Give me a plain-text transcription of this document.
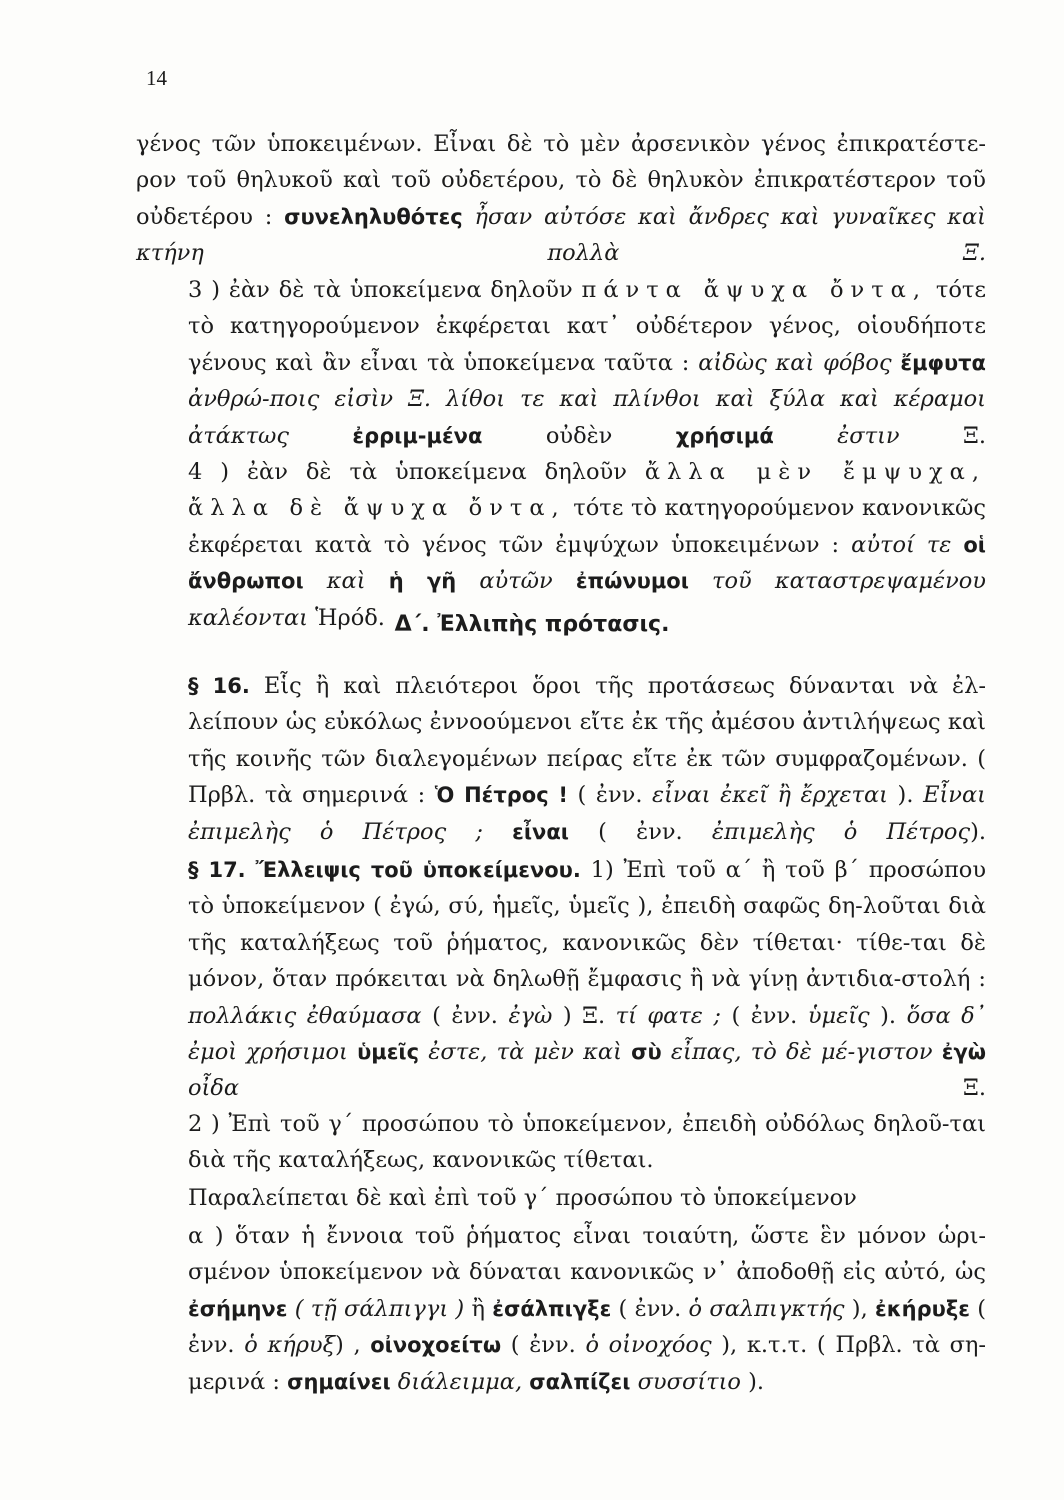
14

γένος τῶν ὑποκειμένων. Εἶναι δὲ τὸ μὲν ἀρσενικὸν γένος ἐπικρατέστε-ρον τοῦ θηλυκοῦ καὶ τοῦ οὐδετέρου, τὸ δὲ θηλυκὸν ἐπικρατέστερον τοῦ οὐδετέρου : συνεληλυθότες ἦσαν αὐτόσε καὶ ἄνδρες καὶ γυναῖκες καὶ κτήνη πολλὰ Ξ.

3 ) ἐὰν δὲ τὰ ὑποκείμενα δηλοῦν πάντα ἄψυχα ὄντα, τότε τὸ κατηγορούμενον ἐκφέρεται κατ᾽ οὐδέτερον γένος, οἱουδήποτε γένους καὶ ἂν εἶναι τὰ ὑποκείμενα ταῦτα : αἰδὼς καὶ φόβος ἔμφυτα ἀνθρώ-ποις εἰσὶν Ξ. λίθοι τε καὶ πλίνθοι καὶ ξύλα καὶ κέραμοι ἀτάκτως ἐρριμ-μένα οὐδὲν χρήσιμά ἐστιν Ξ.

4 ) ἐὰν δὲ τὰ ὑποκείμενα δηλοῦν ἄλλα μὲν ἔμψυχα, ἄλλα δὲ ἄψυχα ὄντα, τότε τὸ κατηγορούμενον κανονικῶς ἐκφέρεται κατὰ τὸ γένος τῶν ἐμψύχων ὑποκειμένων : αὐτοί τε οἱ ἄνθρωποι καὶ ἡ γῆ αὐτῶν ἐπώνυμοι τοῦ καταστρεψαμένου καλέονται Ἡρόδ. Δ΄. Ἐλλιπὴς πρότασις.

§ 16. Εἷς ἢ καὶ πλειότεροι ὅροι τῆς προτάσεως δύνανται νὰ ἐλ-λείπουν ὡς εὐκόλως ἐννοούμενοι εἴτε ἐκ τῆς ἀμέσου ἀντιλήψεως καὶ τῆς κοινῆς τῶν διαλεγομένων πείρας εἴτε ἐκ τῶν συμφραζομένων. ( Πρβλ. τὰ σημερινά : Ὁ Πέτρος ! ( ἐνν. εἶναι ἐκεῖ ἢ ἔρχεται ). Εἶναι ἐπιμελὴς ὁ Πέτρος ; εἶναι ( ἐνν. ἐπιμελὴς ὁ Πέτρος).

§ 17. Ἔλλειψις τοῦ ὑποκείμενου. 1) Ἐπὶ τοῦ α΄ ἢ τοῦ β΄ προσώπου τὸ ὑποκείμενον ( ἐγώ, σύ, ἡμεῖς, ὑμεῖς ), ἐπειδὴ σαφῶς δη-λοῦται διὰ τῆς καταλήξεως τοῦ ῥήματος, κανονικῶς δὲν τίθεται· τίθε-ται δὲ μόνον, ὅταν πρόκειται νὰ δηλωθῇ ἔμφασις ἢ νὰ γίνῃ ἀντιδια-στολή : πολλάκις ἐθαύμασα ( ἐνν. ἐγὼ ) Ξ. τί φατε ; ( ἐνν. ὑμεῖς ). ὅσα δ᾽ ἐμοὶ χρήσιμοι ὑμεῖς ἐστε, τὰ μὲν καὶ σὺ εἶπας, τὸ δὲ μέ-γιστον ἐγὼ οἶδα Ξ.

2 ) Ἐπὶ τοῦ γ΄ προσώπου τὸ ὑποκείμενον, ἐπειδὴ οὐδόλως δηλοῦ-ται διὰ τῆς καταλήξεως, κανονικῶς τίθεται.

Παραλείπεται δὲ καὶ ἐπὶ τοῦ γ΄ προσώπου τὸ ὑποκείμενον

α ) ὅταν ἡ ἔννοια τοῦ ῥήματος εἶναι τοιαύτη, ὥστε ἓν μόνον ὡρι-σμένον ὑποκείμενον νὰ δύναται κανονικῶς ν᾽ ἀποδοθῇ εἰς αὐτό, ὡς ἐσήμηνε ( τῇ σάλπιγγι ) ἢ ἐσάλπιγξε ( ἐνν. ὁ σαλπιγκτής ), ἐκήρυξε ( ἐνν. ὁ κήρυξ) , οἰνοχοείτω ( ἐνν. ὁ οἰνοχόος ), κ.τ.τ. ( Πρβλ. τὰ ση-μερινά : σημαίνει διάλειμμα, σαλπίζει συσσίτιο ).
